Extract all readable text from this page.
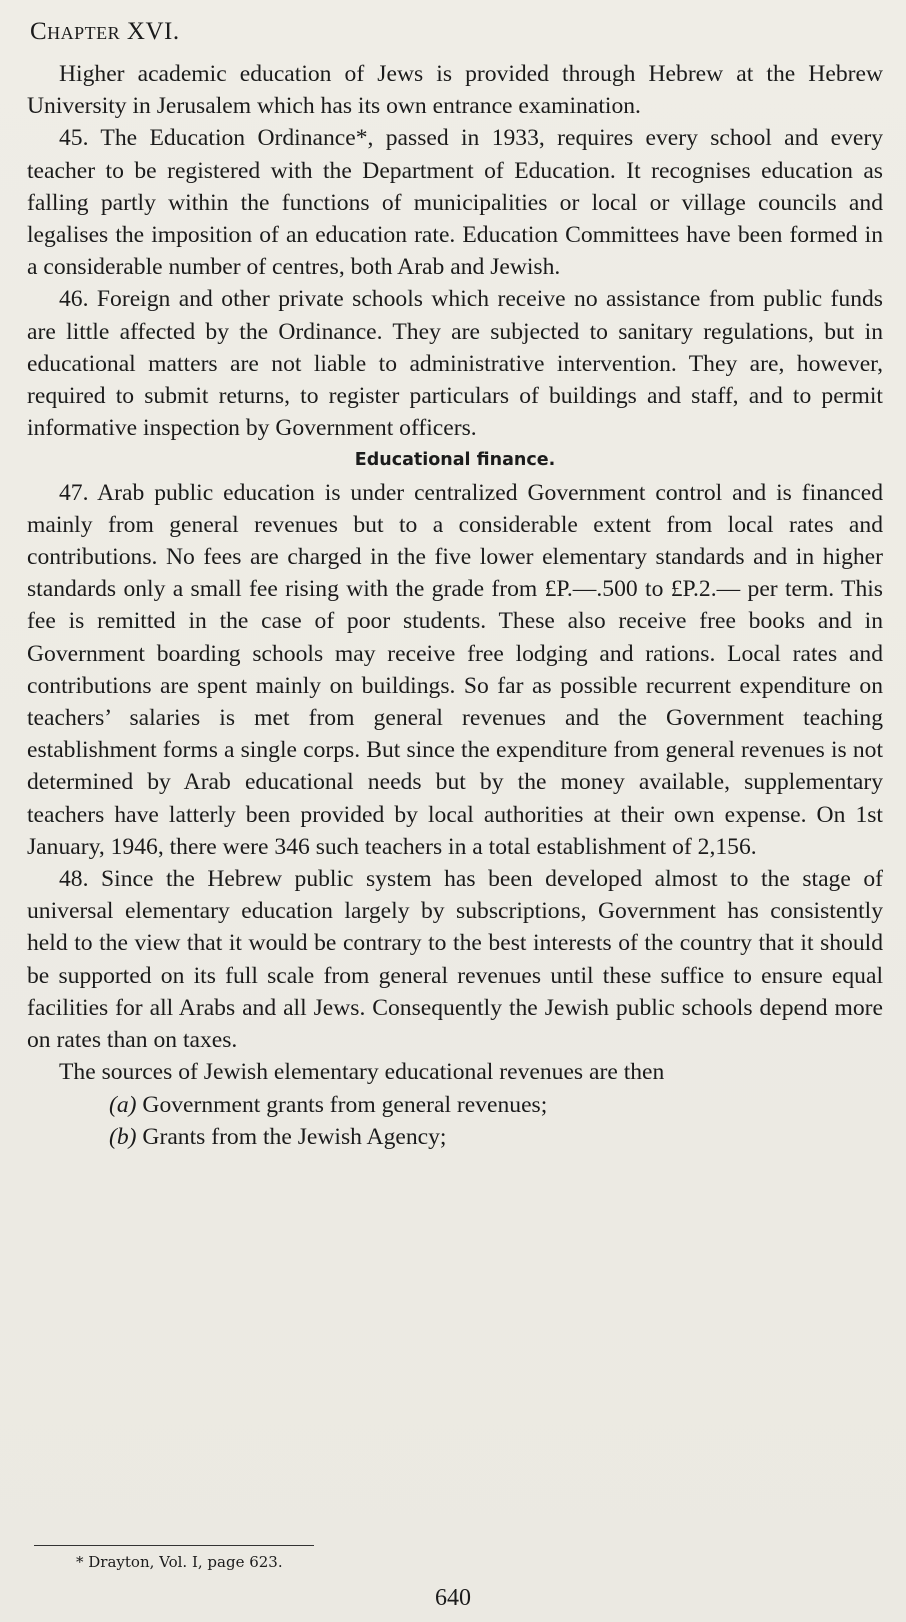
Chapter XVI.

Higher academic education of Jews is provided through Hebrew at the Hebrew University in Jerusalem which has its own entrance examination.

45. The Education Ordinance*, passed in 1933, requires every school and every teacher to be registered with the Department of Education. It recognises education as falling partly within the functions of municipalities or local or village councils and legalises the imposition of an education rate. Education Committees have been formed in a considerable number of centres, both Arab and Jewish.

46. Foreign and other private schools which receive no assistance from public funds are little affected by the Ordinance. They are subjected to sanitary regulations, but in educational matters are not liable to administrative intervention. They are, however, required to submit returns, to register particulars of buildings and staff, and to permit informative inspection by Government officers.

Educational finance.

47. Arab public education is under centralized Government control and is financed mainly from general revenues but to a considerable extent from local rates and contributions. No fees are charged in the five lower elementary standards and in higher standards only a small fee rising with the grade from £P.—.500 to £P.2.— per term. This fee is remitted in the case of poor students. These also receive free books and in Government boarding schools may receive free lodging and rations. Local rates and contributions are spent mainly on buildings. So far as possible recurrent expenditure on teachers’ salaries is met from general revenues and the Government teaching establishment forms a single corps. But since the expenditure from general revenues is not determined by Arab educational needs but by the money available, supplementary teachers have latterly been provided by local authorities at their own expense. On 1st January, 1946, there were 346 such teachers in a total establishment of 2,156.

48. Since the Hebrew public system has been developed almost to the stage of universal elementary education largely by subscriptions, Government has consistently held to the view that it would be contrary to the best interests of the country that it should be supported on its full scale from general revenues until these suffice to ensure equal facilities for all Arabs and all Jews. Consequently the Jewish public schools depend more on rates than on taxes.

The sources of Jewish elementary educational revenues are then

(a) Government grants from general revenues;

(b) Grants from the Jewish Agency;

* Drayton, Vol. I, page 623.
640
